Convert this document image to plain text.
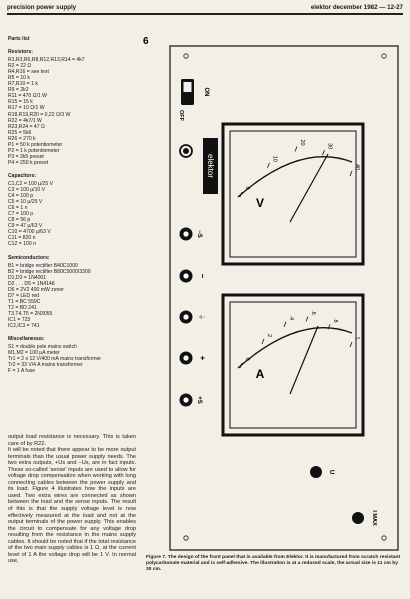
precision power supply	elektor december 1982 — 12-27
Parts list
Resistors:
R1,R3,R6,R8,R12,R13,R14 = 4k7
R2 = 22 Ω
R4,R16 = see text
R5 = 10 k
R7,R10 = 1 k
R9 = 2k2
R11 = 470 Ω/1 W
R15 = 15 k
R17 = 10 Ω/1 W
R18,R19,R20 = 0,22 Ω/3 W
R22 = 4k7/1 W
R23,R24 = 47 Ω
R25 = 5k6
R26 = 270 k
P1 = 50 k potentiometer
P2 = 1 k potentiometer
P3 = 2k5 preset
P4 = 250 k preset
Capacitors:
C1,C2 = 100 µ/25 V
C3 = 100 µ/10 V
C4 = 100 p
C5 = 10 µ/25 V
C6 = 1 n
C7 = 100 p
C8 = 56 p
C9 = 47 µ/63 V
C10 = 4700 µ/63 V
C11 = 820 n
C12 = 100 n
Semiconductors:
B1 = bridge rectifier B40C1000
B2 = bridge rectifier B80C5000/3300
D1,D3 = 1N4001
D2 . . . D5 = 1N4148
D6 = 2V2 400 mW zener
D7 = LED red
T1 = BC 559C
T2 = BD 241
T3,T4,T5 = 2N3055
IC1 = 723
IC2,IC3 = 741
Miscellaneous:
S1 = double pole mains switch
M1,M2 = 100 µA meter
Tr1 = 2 x 12 V/400 mA mains transformer
Tr2 = 33 V/4 A mains transformer
F = 1 A fuse

output load resistance is necessary. This is taken care of by R22.

It will be noted that there appear to be more output terminals than the usual power supply needs. The two extra outputs, +Us and −Us, are in fact inputs. These so-called 'sense' inputs are used to allow for voltage drop compensation when working with long connecting cables between the power supply and its load. Figure 4 illustrates how the inputs are used. Two extra wires are connected as shown between the load and the sense inputs. The result of this is that the supply voltage level is now effectively measured at the load and not at the output terminals of the power supply. This enables the circuit to compensate for any voltage drop resulting from the resistance in the mains supply cables. It should be noted that if the total resistance of the two main supply cables is 1 Ω, at the current level of 1 A the voltage drop will be 1 V. In normal use,

6
ON
OFF
elektor
0
10
20
30
40
V
−S
−
⏚
+
+S
0
.2
.4
.6
.8
1
A
U
I MAX
Figure 7. The design of the front panel that is available from Elektor. It is manufactured from scratch resistant polycarbonate material and is self-adhesive. The illustration is at a reduced scale, the actual size is 11 cm by 30 cm.
